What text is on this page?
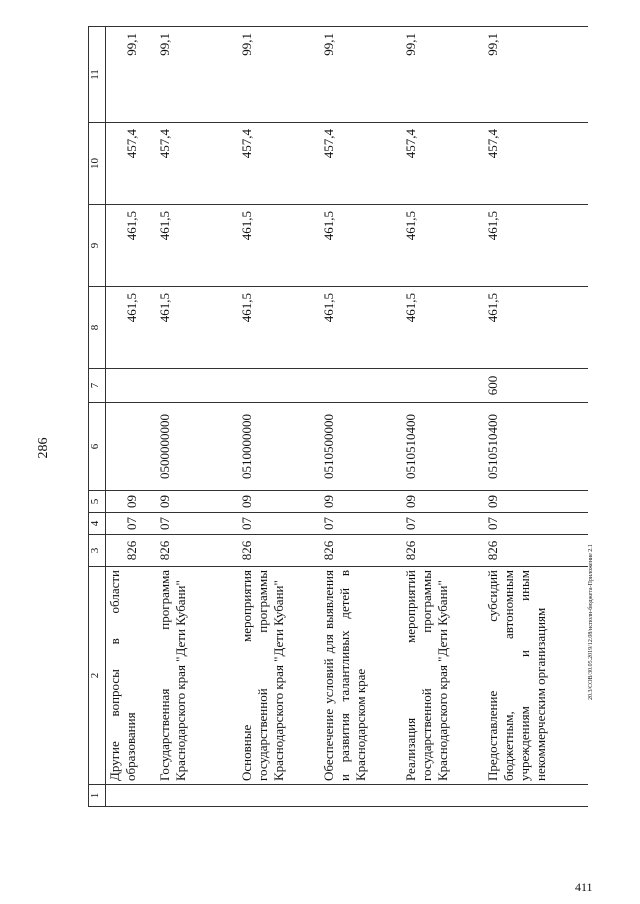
286
20.3/СОВ/30.05.2019/12.08/исполн-бюджета-Приложение 2.1
1	2	3	4	5	6	7	8	9	10	11
	Другие вопросы в области образования	826	07	09			461,5	461,5	457,4	99,1
	Государственная программа Краснодарского края "Дети Кубани"	826	07	09	0500000000		461,5	461,5	457,4	99,1
	Основные мероприятия государственной программы Краснодарского края "Дети Кубани"	826	07	09	0510000000		461,5	461,5	457,4	99,1
	Обеспечение условий для выявления и развития талантливых детей в Краснодарском крае	826	07	09	0510500000		461,5	461,5	457,4	99,1
	Реализация мероприятий государственной программы Краснодарского края "Дети Кубани"	826	07	09	0510510400		461,5	461,5	457,4	99,1
	Предоставление субсидий бюджетным, автономным учреждениям и иным некоммерческим организациям	826	07	09	0510510400	600	461,5	461,5	457,4	99,1
411
